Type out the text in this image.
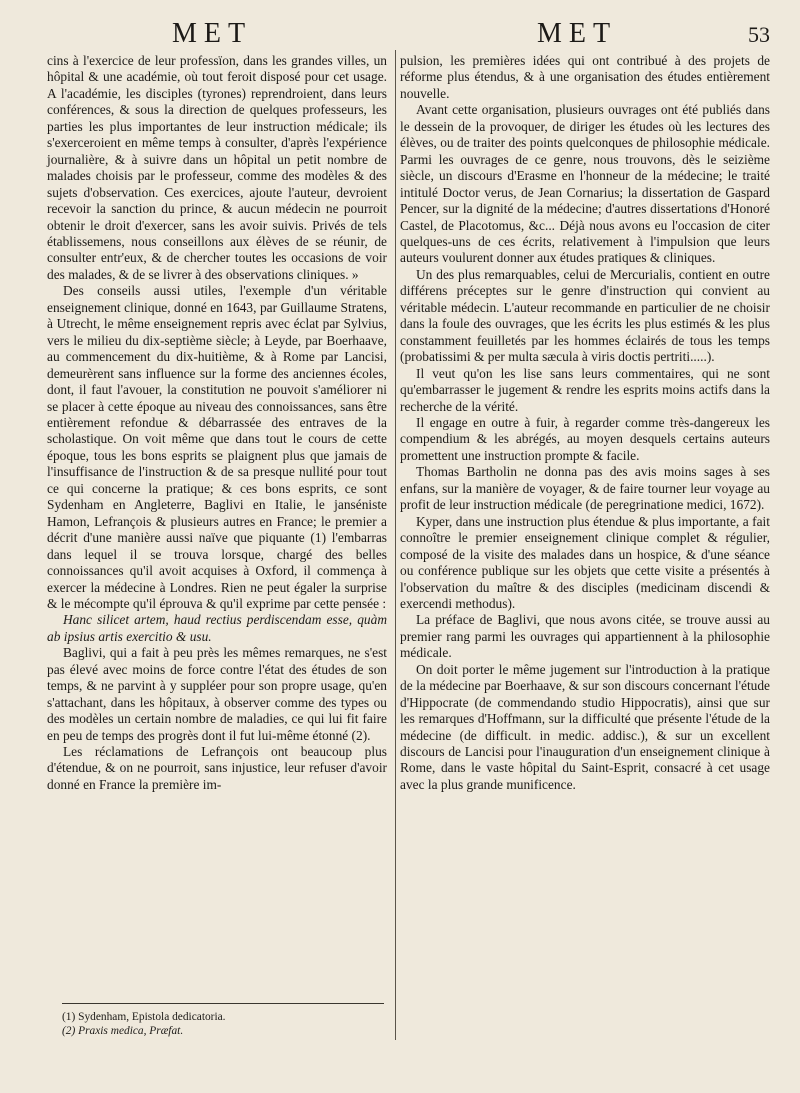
MET	MET	53

cins à l'exercice de leur professïon, dans les grandes villes, un hôpital & une académie, où tout feroit disposé pour cet usage. A l'académie, les disciples (tyrones) reprendroient, dans leurs conférences, & sous la direction de quelques professeurs, les parties les plus importantes de leur instruction médicale; ils s'exerceroient en même temps à consulter, d'après l'expérience journalière, & à suivre dans un hôpital un petit nombre de malades choisis par le professeur, comme des modèles & des sujets d'observation. Ces exercices, ajoute l'auteur, devroient recevoir la sanction du prince, & aucun médecin ne pourroit obtenir le droit d'exercer, sans les avoir suivis. Privés de tels établissemens, nous conseillons aux élèves de se réunir, de consulter entr'eux, & de chercher toutes les occasions de voir des malades, & de se livrer à des observations cliniques. »

Des conseils aussi utiles, l'exemple d'un véritable enseignement clinique, donné en 1643, par Guillaume Stratens, à Utrecht, le même enseignement repris avec éclat par Sylvius, vers le milieu du dix-septième siècle; à Leyde, par Boerhaave, au commencement du dix-huitième, & à Rome par Lancisi, demeurèrent sans influence sur la forme des anciennes écoles, dont, il faut l'avouer, la constitution ne pouvoit s'améliorer ni se placer à cette époque au niveau des connoissances, sans être entièrement refondue & débarrassée des entraves de la scholastique. On voit même que dans tout le cours de cette époque, tous les bons esprits se plaignent plus que jamais de l'insuffisance de l'instruction & de sa presque nullité pour tout ce qui concerne la pratique; & ces bons esprits, ce sont Sydenham en Angleterre, Baglivi en Italie, le janséniste Hamon, Lefrançois & plusieurs autres en France; le premier a décrit d'une manière aussi naïve que piquante (1) l'embarras dans lequel il se trouva lorsque, chargé des belles connoissances qu'il avoit acquises à Oxford, il commença à exercer la médecine à Londres. Rien ne peut égaler la surprise & le mécompte qu'il éprouva & qu'il exprime par cette pensée :

Hanc silicet artem, haud rectius perdiscendam esse, quàm ab ipsius artis exercitio & usu.

Baglivi, qui a fait à peu près les mêmes remarques, ne s'est pas élevé avec moins de force contre l'état des études de son temps, & ne parvint à y suppléer pour son propre usage, qu'en s'attachant, dans les hôpitaux, à observer comme des types ou des modèles un certain nombre de maladies, ce qui lui fit faire en peu de temps des progrès dont il fut lui-même étonné (2).

Les réclamations de Lefrançois ont beaucoup plus d'étendue, & on ne pourroit, sans injustice, leur refuser d'avoir donné en France la première im-

pulsion, les premières idées qui ont contribué à des projets de réforme plus étendus, & à une organisation des études entièrement nouvelle.

Avant cette organisation, plusieurs ouvrages ont été publiés dans le dessein de la provoquer, de diriger les études où les lectures des élèves, ou de traiter des points quelconques de philosophie médicale. Parmi les ouvrages de ce genre, nous trouvons, dès le seizième siècle, un discours d'Erasme en l'honneur de la médecine; le traité intitulé Doctor verus, de Jean Cornarius; la dissertation de Gaspard Pencer, sur la dignité de la médecine; d'autres dissertations d'Honoré Castel, de Placotomus, &c... Déjà nous avons eu l'occasion de citer quelques-uns de ces écrits, relativement à l'impulsion que leurs auteurs voulurent donner aux études pratiques & cliniques.

Un des plus remarquables, celui de Mercurialis, contient en outre différens préceptes sur le genre d'instruction qui convient au véritable médecin. L'auteur recommande en particulier de ne choisir dans la foule des ouvrages, que les écrits les plus estimés & les plus constamment feuilletés par les hommes éclairés de tous les temps (probatissimi & per multa sæcula à viris doctis pertriti.....).

Il veut qu'on les lise sans leurs commentaires, qui ne sont qu'embarrasser le jugement & rendre les esprits moins actifs dans la recherche de la vérité.

Il engage en outre à fuir, à regarder comme très-dangereux les compendium & les abrégés, au moyen desquels certains auteurs promettent une instruction prompte & facile.

Thomas Bartholin ne donna pas des avis moins sages à ses enfans, sur la manière de voyager, & de faire tourner leur voyage au profit de leur instruction médicale (de peregrinatione medici, 1672).

Kyper, dans une instruction plus étendue & plus importante, a fait connoître le premier enseignement clinique complet & régulier, composé de la visite des malades dans un hospice, & d'une séance ou conférence publique sur les objets que cette visite a présentés à l'observation du maître & des disciples (medicinam discendi & exercendi methodus).

La préface de Baglivi, que nous avons citée, se trouve aussi au premier rang parmi les ouvrages qui appartiennent à la philosophie médicale.

On doit porter le même jugement sur l'introduction à la pratique de la médecine par Boerhaave, & sur son discours concernant l'étude d'Hippocrate (de commendando studio Hippocratis), ainsi que sur les remarques d'Hoffmann, sur la difficulté que présente l'étude de la médecine (de difficult. in medic. addisc.), & sur un excellent discours de Lancisi pour l'inauguration d'un enseignement clinique à Rome, dans le vaste hôpital du Saint-Esprit, consacré à cet usage avec la plus grande munificence.

(1) Sydenham, Epistola dedicatoria.
(2) Praxis medica, Præfat.
